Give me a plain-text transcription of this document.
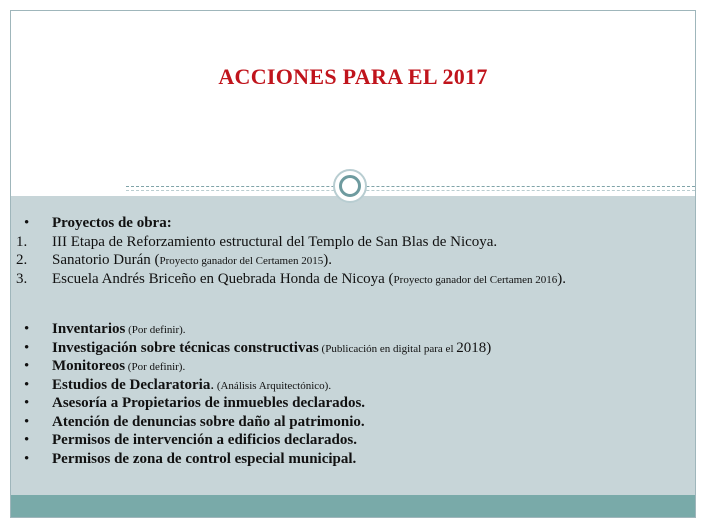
ACCIONES PARA EL 2017
• Proyectos de obra:
1. III Etapa de Reforzamiento estructural del Templo de San Blas de Nicoya.
2. Sanatorio Durán (Proyecto ganador del Certamen 2015).
3. Escuela Andrés Briceño en Quebrada Honda de Nicoya (Proyecto ganador del Certamen 2016).
• Inventarios (Por definir).
• Investigación sobre técnicas constructivas (Publicación en digital para el 2018)
• Monitoreos (Por definir).
• Estudios de Declaratoria. (Análisis Arquitectónico).
• Asesoría a Propietarios de inmuebles declarados.
• Atención de denuncias sobre daño al patrimonio.
• Permisos de intervención a edificios declarados.
• Permisos de zona de control especial municipal.
